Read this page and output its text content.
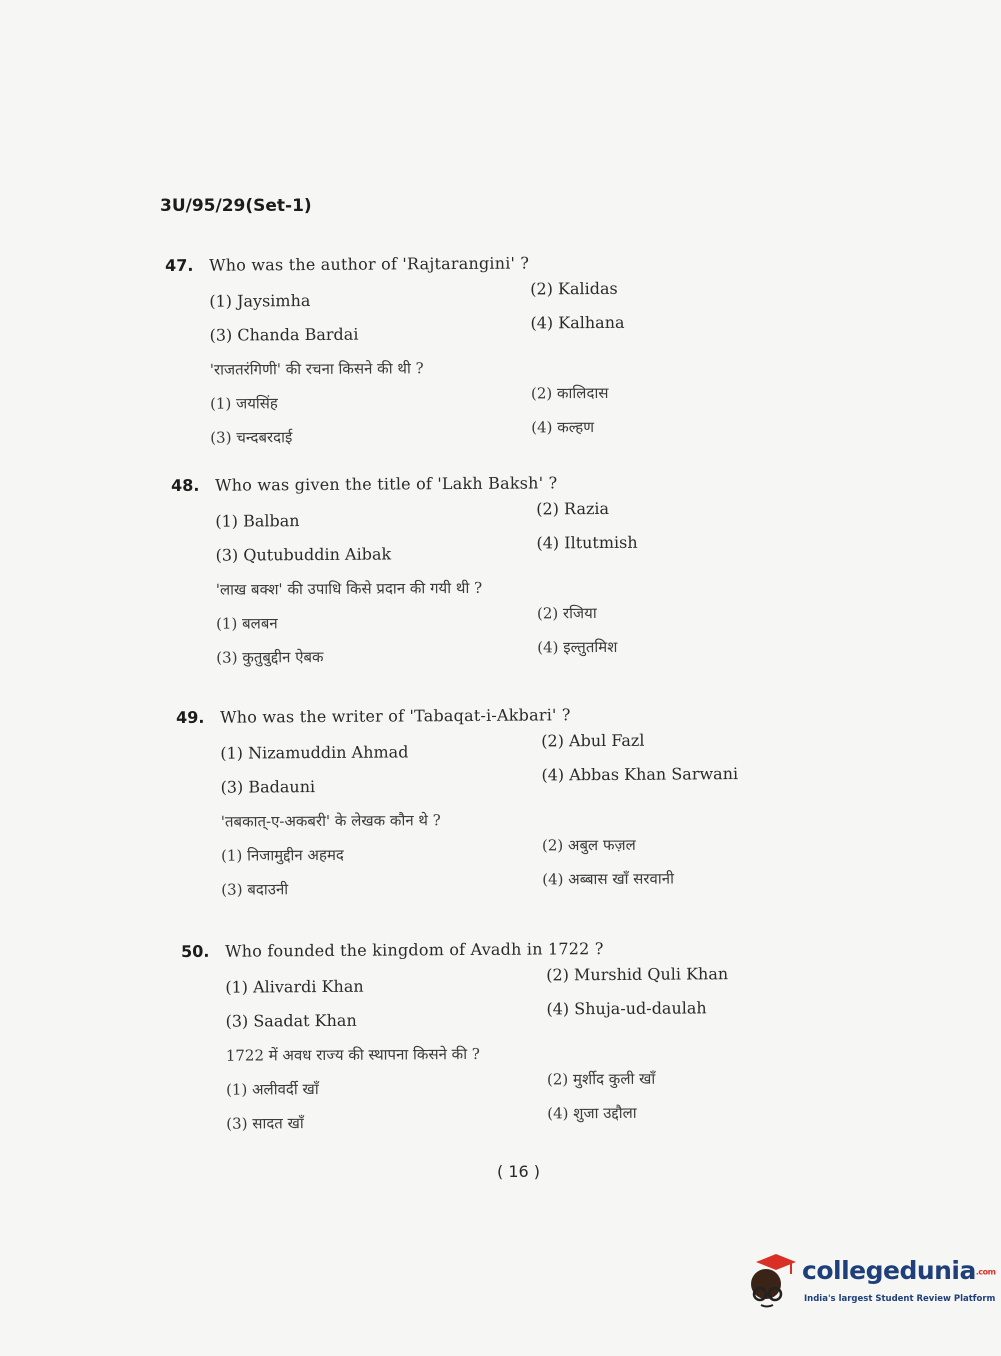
3U/95/29(Set-1)
47. Who was the author of 'Rajtarangini' ?
(1) Jaysimha
(2) Kalidas
(3) Chanda Bardai
(4) Kalhana
'राजतरंगिणी' की रचना किसने की थी ?
(1) जयसिंह
(2) कालिदास
(3) चन्दबरदाई
(4) कल्हण
48. Who was given the title of 'Lakh Baksh' ?
(1) Balban
(2) Razia
(3) Qutubuddin Aibak
(4) Iltutmish
'लाख बक्श' की उपाधि किसे प्रदान की गयी थी ?
(1) बलबन
(2) रजिया
(3) कुतुबुद्दीन ऐबक
(4) इल्तुतमिश
49. Who was the writer of 'Tabaqat-i-Akbari' ?
(1) Nizamuddin Ahmad
(2) Abul Fazl
(3) Badauni
(4) Abbas Khan Sarwani
'तबकात्-ए-अकबरी' के लेखक कौन थे ?
(1) निजामुद्दीन अहमद
(2) अबुल फज़ल
(3) बदाउनी
(4) अब्बास खाँ सरवानी
50. Who founded the kingdom of Avadh in 1722 ?
(1) Alivardi Khan
(2) Murshid Quli Khan
(3) Saadat Khan
(4) Shuja-ud-daulah
1722 में अवध राज्य की स्थापना किसने की ?
(1) अलीवर्दी खाँ
(2) मुर्शीद कुली खाँ
(3) सादत खाँ
(4) शुजा उद्दौला
( 16 )
collegedunia.com
India's largest Student Review Platform
